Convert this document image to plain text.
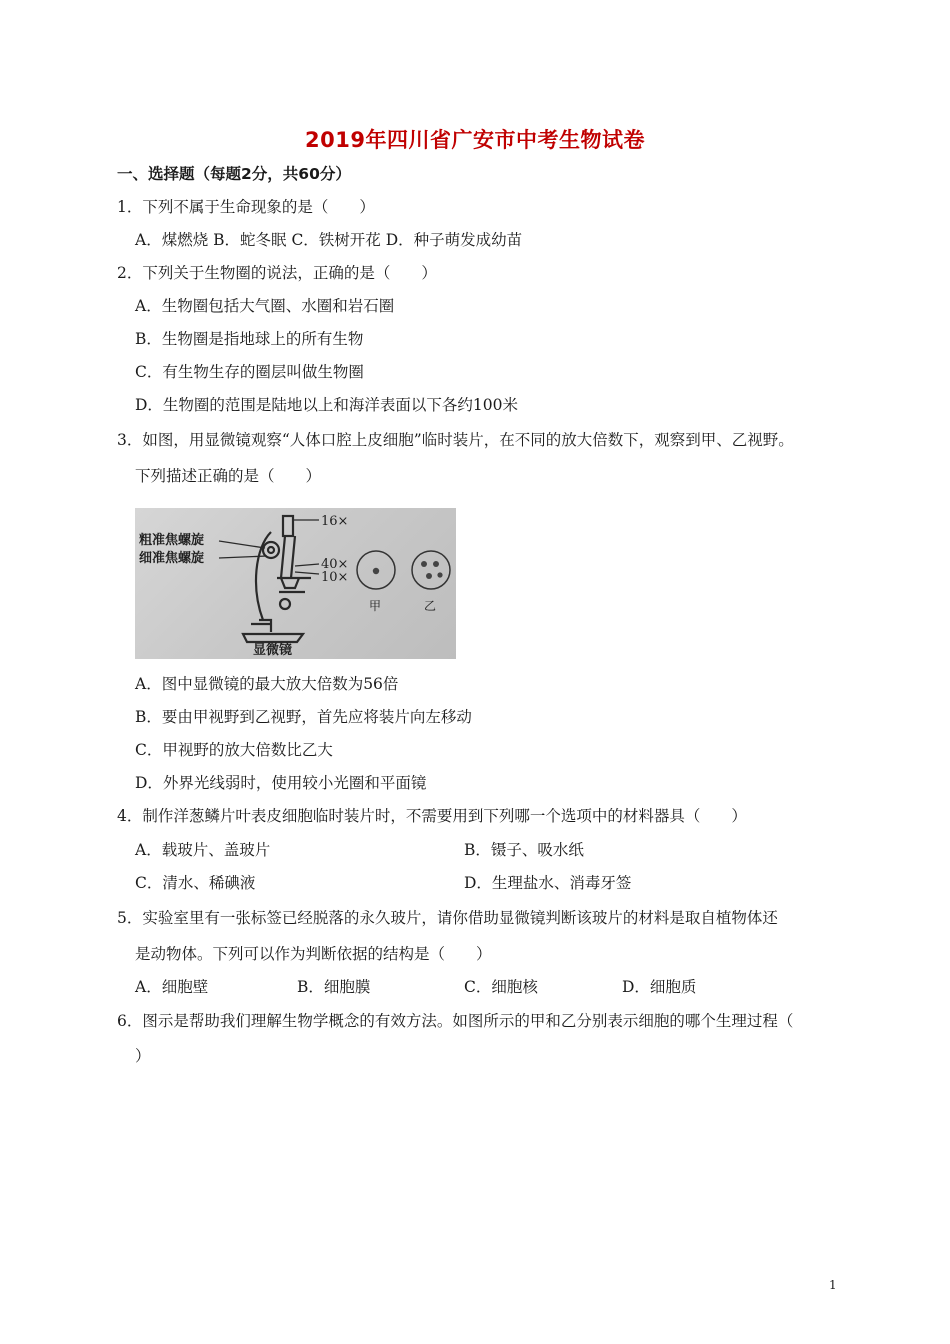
2019年四川省广安市中考生物试卷
一、选择题（每题2分，共60分）
1．下列不属于生命现象的是（　　）
A．煤燃烧 B．蛇冬眠 C．铁树开花 D．种子萌发成幼苗
2．下列关于生物圈的说法，正确的是（　　）
A．生物圈包括大气圈、水圈和岩石圈
B．生物圈是指地球上的所有生物
C．有生物生存的圈层叫做生物圈
D．生物圈的范围是陆地以上和海洋表面以下各约100米
3．如图，用显微镜观察“人体口腔上皮细胞”临时装片，在不同的放大倍数下，观察到甲、乙视野。
下列描述正确的是（　　）
粗准焦螺旋
细准焦螺旋
16×
40×
10×
甲	乙
显微镜
A．图中显微镜的最大放大倍数为56倍
B．要由甲视野到乙视野，首先应将装片向左移动
C．甲视野的放大倍数比乙大
D．外界光线弱时，使用较小光圈和平面镜
4．制作洋葱鳞片叶表皮细胞临时装片时，不需要用到下列哪一个选项中的材料器具（　　）
A．载玻片、盖玻片	B．镊子、吸水纸
C．清水、稀碘液	D．生理盐水、消毒牙签
5．实验室里有一张标签已经脱落的永久玻片，请你借助显微镜判断该玻片的材料是取自植物体还
是动物体。下列可以作为判断依据的结构是（　　）
A．细胞壁	B．细胞膜	C．细胞核	D．细胞质
6．图示是帮助我们理解生物学概念的有效方法。如图所示的甲和乙分别表示细胞的哪个生理过程（
）
1
